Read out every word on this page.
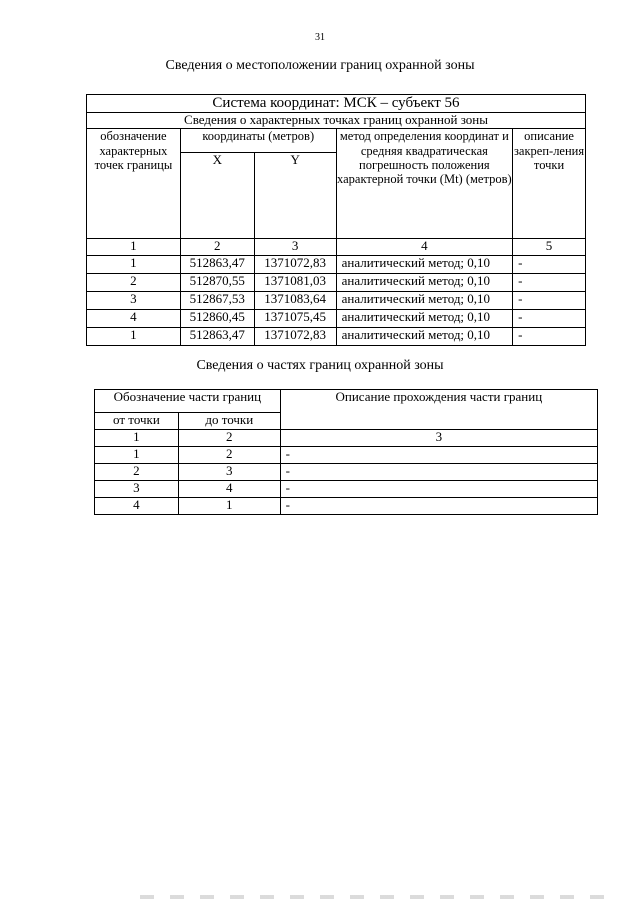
31
Сведения о местоположении границ охранной зоны
Система координат: МСК – субъект 56				
Сведения о характерных точках границ охранной зоны				
обозначение характерных точек границы	координаты (метров)		метод определения координат и средняя квадратическая погрешность положения характерной точки (Mt) (метров)	описание закреп-ления точки
	X	Y		
1	2	3	4	5
1	512863,47	1371072,83	аналитический метод; 0,10	-
2	512870,55	1371081,03	аналитический метод; 0,10	-
3	512867,53	1371083,64	аналитический метод; 0,10	-
4	512860,45	1371075,45	аналитический метод; 0,10	-
1	512863,47	1371072,83	аналитический метод; 0,10	-
Сведения о частях границ охранной зоны
Обозначение части границ		Описание прохождения части границ
от точки	до точки	
1	2	3
1	2	-
2	3	-
3	4	-
4	1	-
